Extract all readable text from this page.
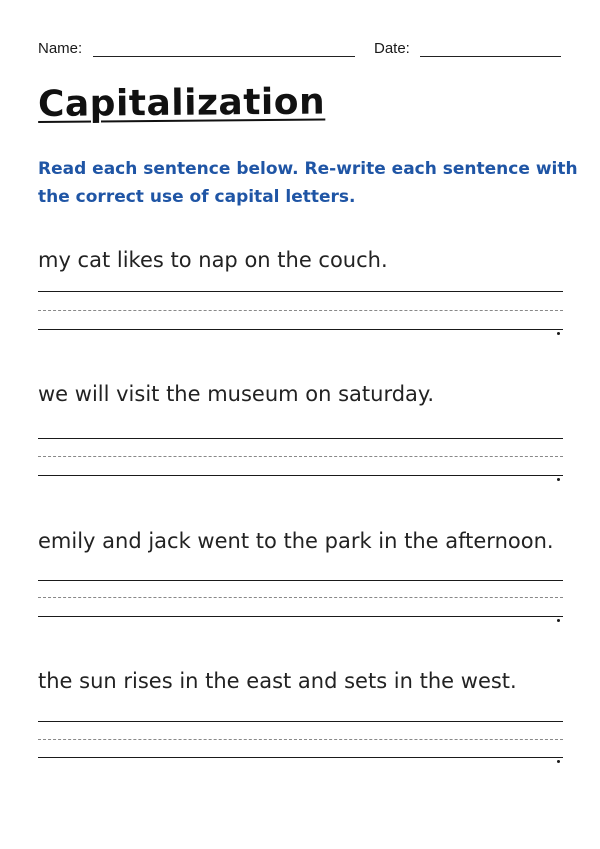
Name:	Date:
Capitalization

Read each sentence below. Re-write each sentence with the correct use of capital letters.

my cat likes to nap on the couch.

we will visit the museum on saturday.

emily and jack went to the park in the afternoon.

the sun rises in the east and sets in the west.
